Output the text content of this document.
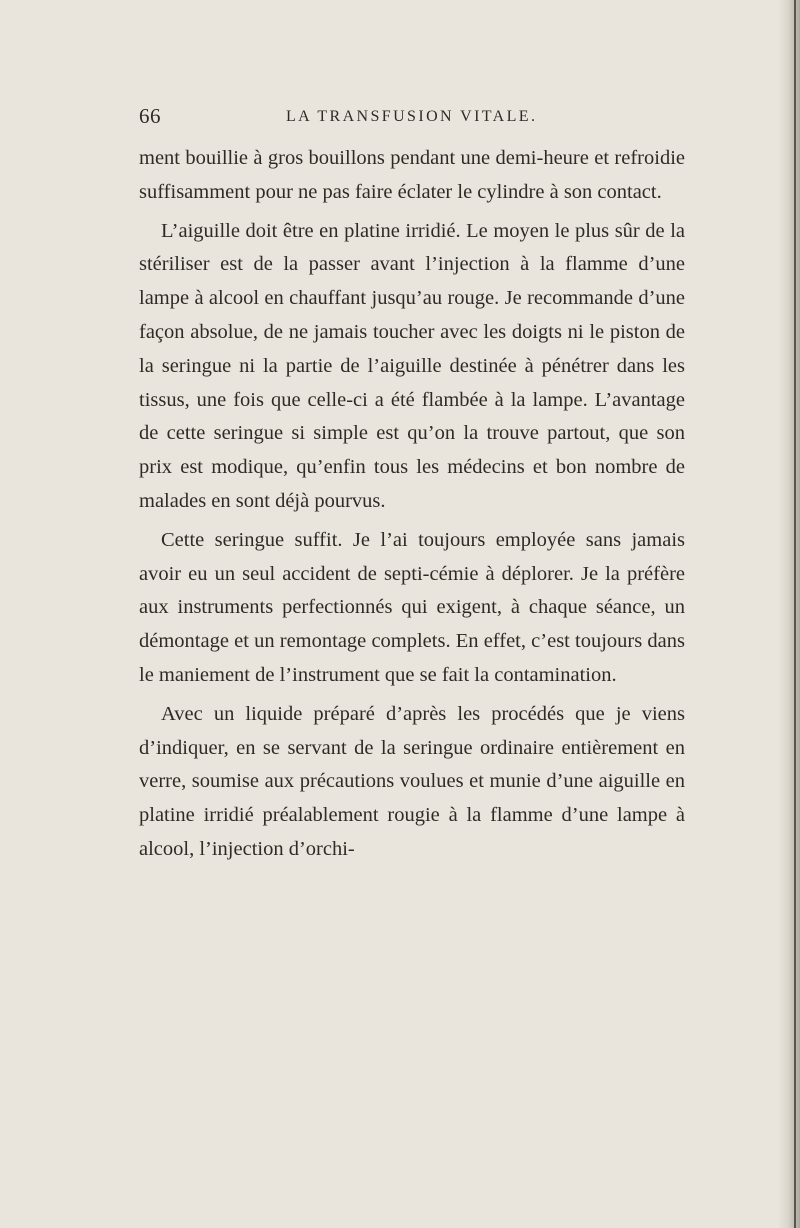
66	LA TRANSFUSION VITALE.

ment bouillie à gros bouillons pendant une demi-heure et refroidie suffisamment pour ne pas faire éclater le cylindre à son contact.

L’aiguille doit être en platine irridié. Le moyen le plus sûr de la stériliser est de la passer avant l’injection à la flamme d’une lampe à alcool en chauffant jusqu’au rouge. Je recommande d’une façon absolue, de ne jamais toucher avec les doigts ni le piston de la seringue ni la partie de l’aiguille destinée à pénétrer dans les tissus, une fois que celle-ci a été flambée à la lampe. L’avantage de cette seringue si simple est qu’on la trouve partout, que son prix est modique, qu’enfin tous les médecins et bon nombre de malades en sont déjà pourvus.

Cette seringue suffit. Je l’ai toujours employée sans jamais avoir eu un seul accident de septi-cémie à déplorer. Je la préfère aux instruments perfectionnés qui exigent, à chaque séance, un démontage et un remontage complets. En effet, c’est toujours dans le maniement de l’instrument que se fait la contamination.

Avec un liquide préparé d’après les procédés que je viens d’indiquer, en se servant de la seringue ordinaire entièrement en verre, soumise aux précautions voulues et munie d’une aiguille en platine irridié préalablement rougie à la flamme d’une lampe à alcool, l’injection d’orchi-
